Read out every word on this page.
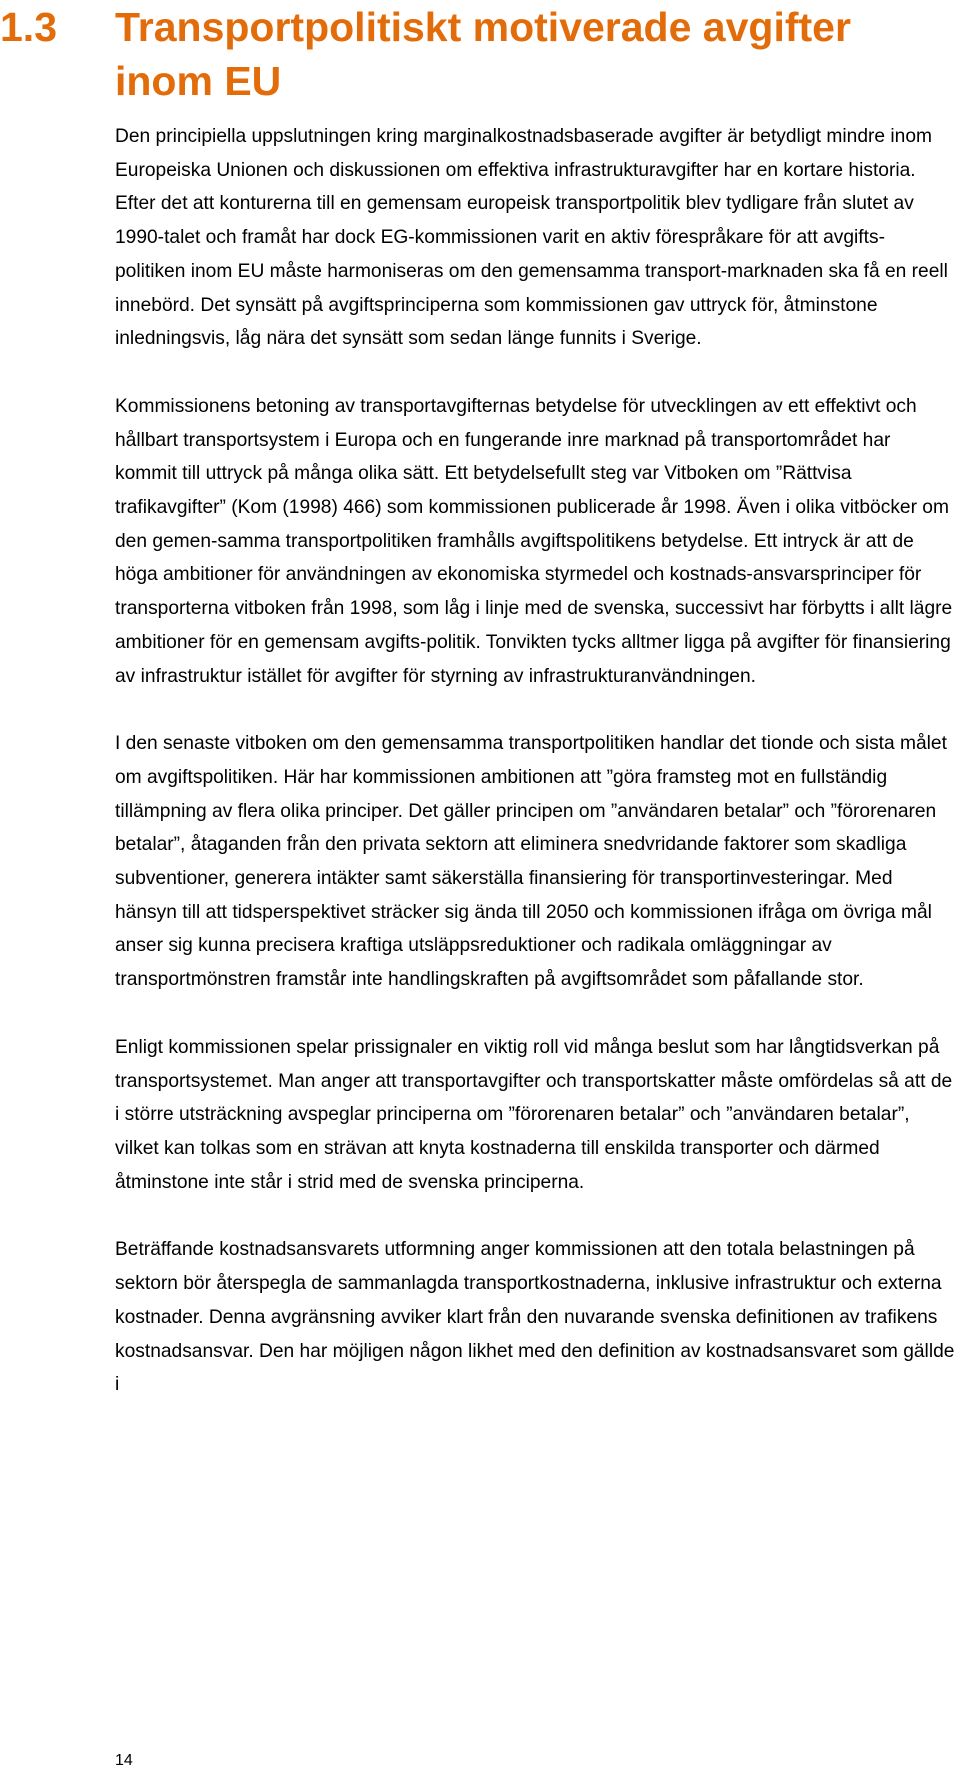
1.3 Transportpolitiskt motiverade avgifter inom EU

Den principiella uppslutningen kring marginalkostnadsbaserade avgifter är betydligt mindre inom Europeiska Unionen och diskussionen om effektiva infrastrukturavgifter har en kortare historia. Efter det att konturerna till en gemensam europeisk transportpolitik blev tydligare från slutet av 1990-talet och framåt har dock EG-kommissionen varit en aktiv förespråkare för att avgifts-politiken inom EU måste harmoniseras om den gemensamma transport-marknaden ska få en reell innebörd. Det synsätt på avgiftsprinciperna som kommissionen gav uttryck för, åtminstone inledningsvis, låg nära det synsätt som sedan länge funnits i Sverige.

Kommissionens betoning av transportavgifternas betydelse för utvecklingen av ett effektivt och hållbart transportsystem i Europa och en fungerande inre marknad på transportområdet har kommit till uttryck på många olika sätt. Ett betydelsefullt steg var Vitboken om ”Rättvisa trafikavgifter” (Kom (1998) 466) som kommissionen publicerade år 1998. Även i olika vitböcker om den gemen-samma transportpolitiken framhålls avgiftspolitikens betydelse. Ett intryck är att de höga ambitioner för användningen av ekonomiska styrmedel och kostnads-ansvarsprinciper för transporterna vitboken från 1998, som låg i linje med de svenska, successivt har förbytts i allt lägre ambitioner för en gemensam avgifts-politik. Tonvikten tycks alltmer ligga på avgifter för finansiering av infrastruktur istället för avgifter för styrning av infrastrukturanvändningen.

I den senaste vitboken om den gemensamma transportpolitiken handlar det tionde och sista målet om avgiftspolitiken. Här har kommissionen ambitionen att ”göra framsteg mot en fullständig tillämpning av flera olika principer. Det gäller principen om ”användaren betalar” och ”förorenaren betalar”, åtaganden från den privata sektorn att eliminera snedvridande faktorer som skadliga subventioner, generera intäkter samt säkerställa finansiering för transportinvesteringar. Med hänsyn till att tidsperspektivet sträcker sig ända till 2050 och kommissionen ifråga om övriga mål anser sig kunna precisera kraftiga utsläppsreduktioner och radikala omläggningar av transportmönstren framstår inte handlingskraften på avgiftsområdet som påfallande stor.

Enligt kommissionen spelar prissignaler en viktig roll vid många beslut som har långtidsverkan på transportsystemet. Man anger att transportavgifter och transportskatter måste omfördelas så att de i större utsträckning avspeglar principerna om ”förorenaren betalar” och ”användaren betalar”, vilket kan tolkas som en strävan att knyta kostnaderna till enskilda transporter och därmed åtminstone inte står i strid med de svenska principerna.

Beträffande kostnadsansvarets utformning anger kommissionen att den totala belastningen på sektorn bör återspegla de sammanlagda transportkostnaderna, inklusive infrastruktur och externa kostnader. Denna avgränsning avviker klart från den nuvarande svenska definitionen av trafikens kostnadsansvar. Den har möjligen någon likhet med den definition av kostnadsansvaret som gällde i

14
